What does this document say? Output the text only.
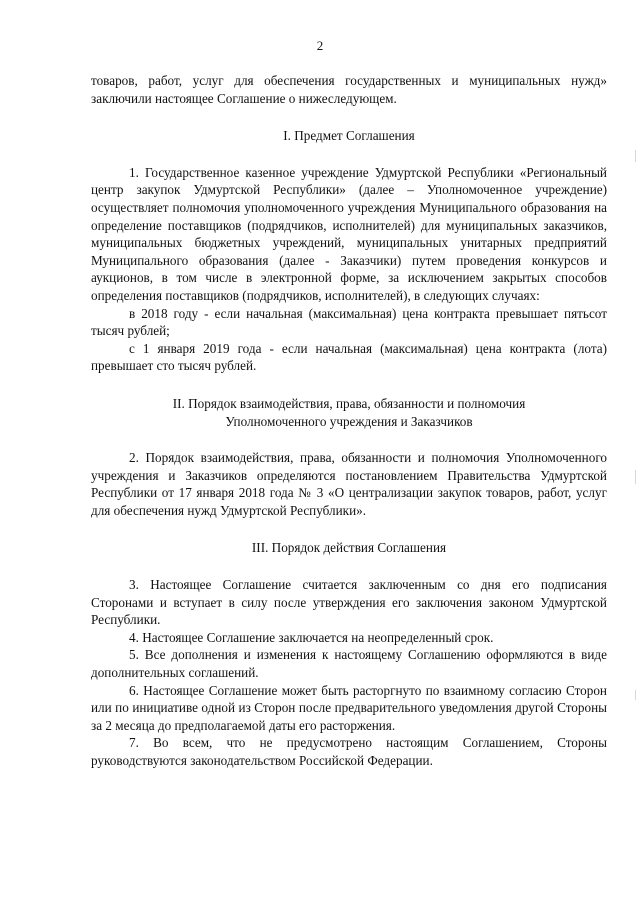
2

товаров, работ, услуг для обеспечения государственных и муниципальных нужд» заключили настоящее Соглашение о нижеследующем.

I. Предмет Соглашения

1. Государственное казенное учреждение Удмуртской Республики «Региональный центр закупок Удмуртской Республики» (далее – Уполномоченное учреждение) осуществляет полномочия уполномоченного учреждения Муниципального образования на определение поставщиков (подрядчиков, исполнителей) для муниципальных заказчиков, муниципальных бюджетных учреждений, муниципальных унитарных предприятий Муниципального образования (далее - Заказчики) путем проведения конкурсов и аукционов, в том числе в электронной форме, за исключением закрытых способов определения поставщиков (подрядчиков, исполнителей), в следующих случаях:

в 2018 году - если начальная (максимальная) цена контракта превышает пятьсот тысяч рублей;

с 1 января 2019 года - если начальная (максимальная) цена контракта (лота) превышает сто тысяч рублей.

II. Порядок взаимодействия, права, обязанности и полномочия
Уполномоченного учреждения и Заказчиков

2. Порядок взаимодействия, права, обязанности и полномочия Уполномоченного учреждения и Заказчиков определяются постановлением Правительства Удмуртской Республики от 17 января 2018 года № 3 «О централизации закупок товаров, работ, услуг для обеспечения нужд Удмуртской Республики».

III. Порядок действия Соглашения

3. Настоящее Соглашение считается заключенным со дня его подписания Сторонами и вступает в силу после утверждения его заключения законом Удмуртской Республики.

4. Настоящее Соглашение заключается на неопределенный срок.

5. Все дополнения и изменения к настоящему Соглашению оформляются в виде дополнительных соглашений.

6. Настоящее Соглашение может быть расторгнуто по взаимному согласию Сторон или по инициативе одной из Сторон после предварительного уведомления другой Стороны за 2 месяца до предполагаемой даты его расторжения.

7. Во всем, что не предусмотрено настоящим Соглашением, Стороны руководствуются законодательством Российской Федерации.
